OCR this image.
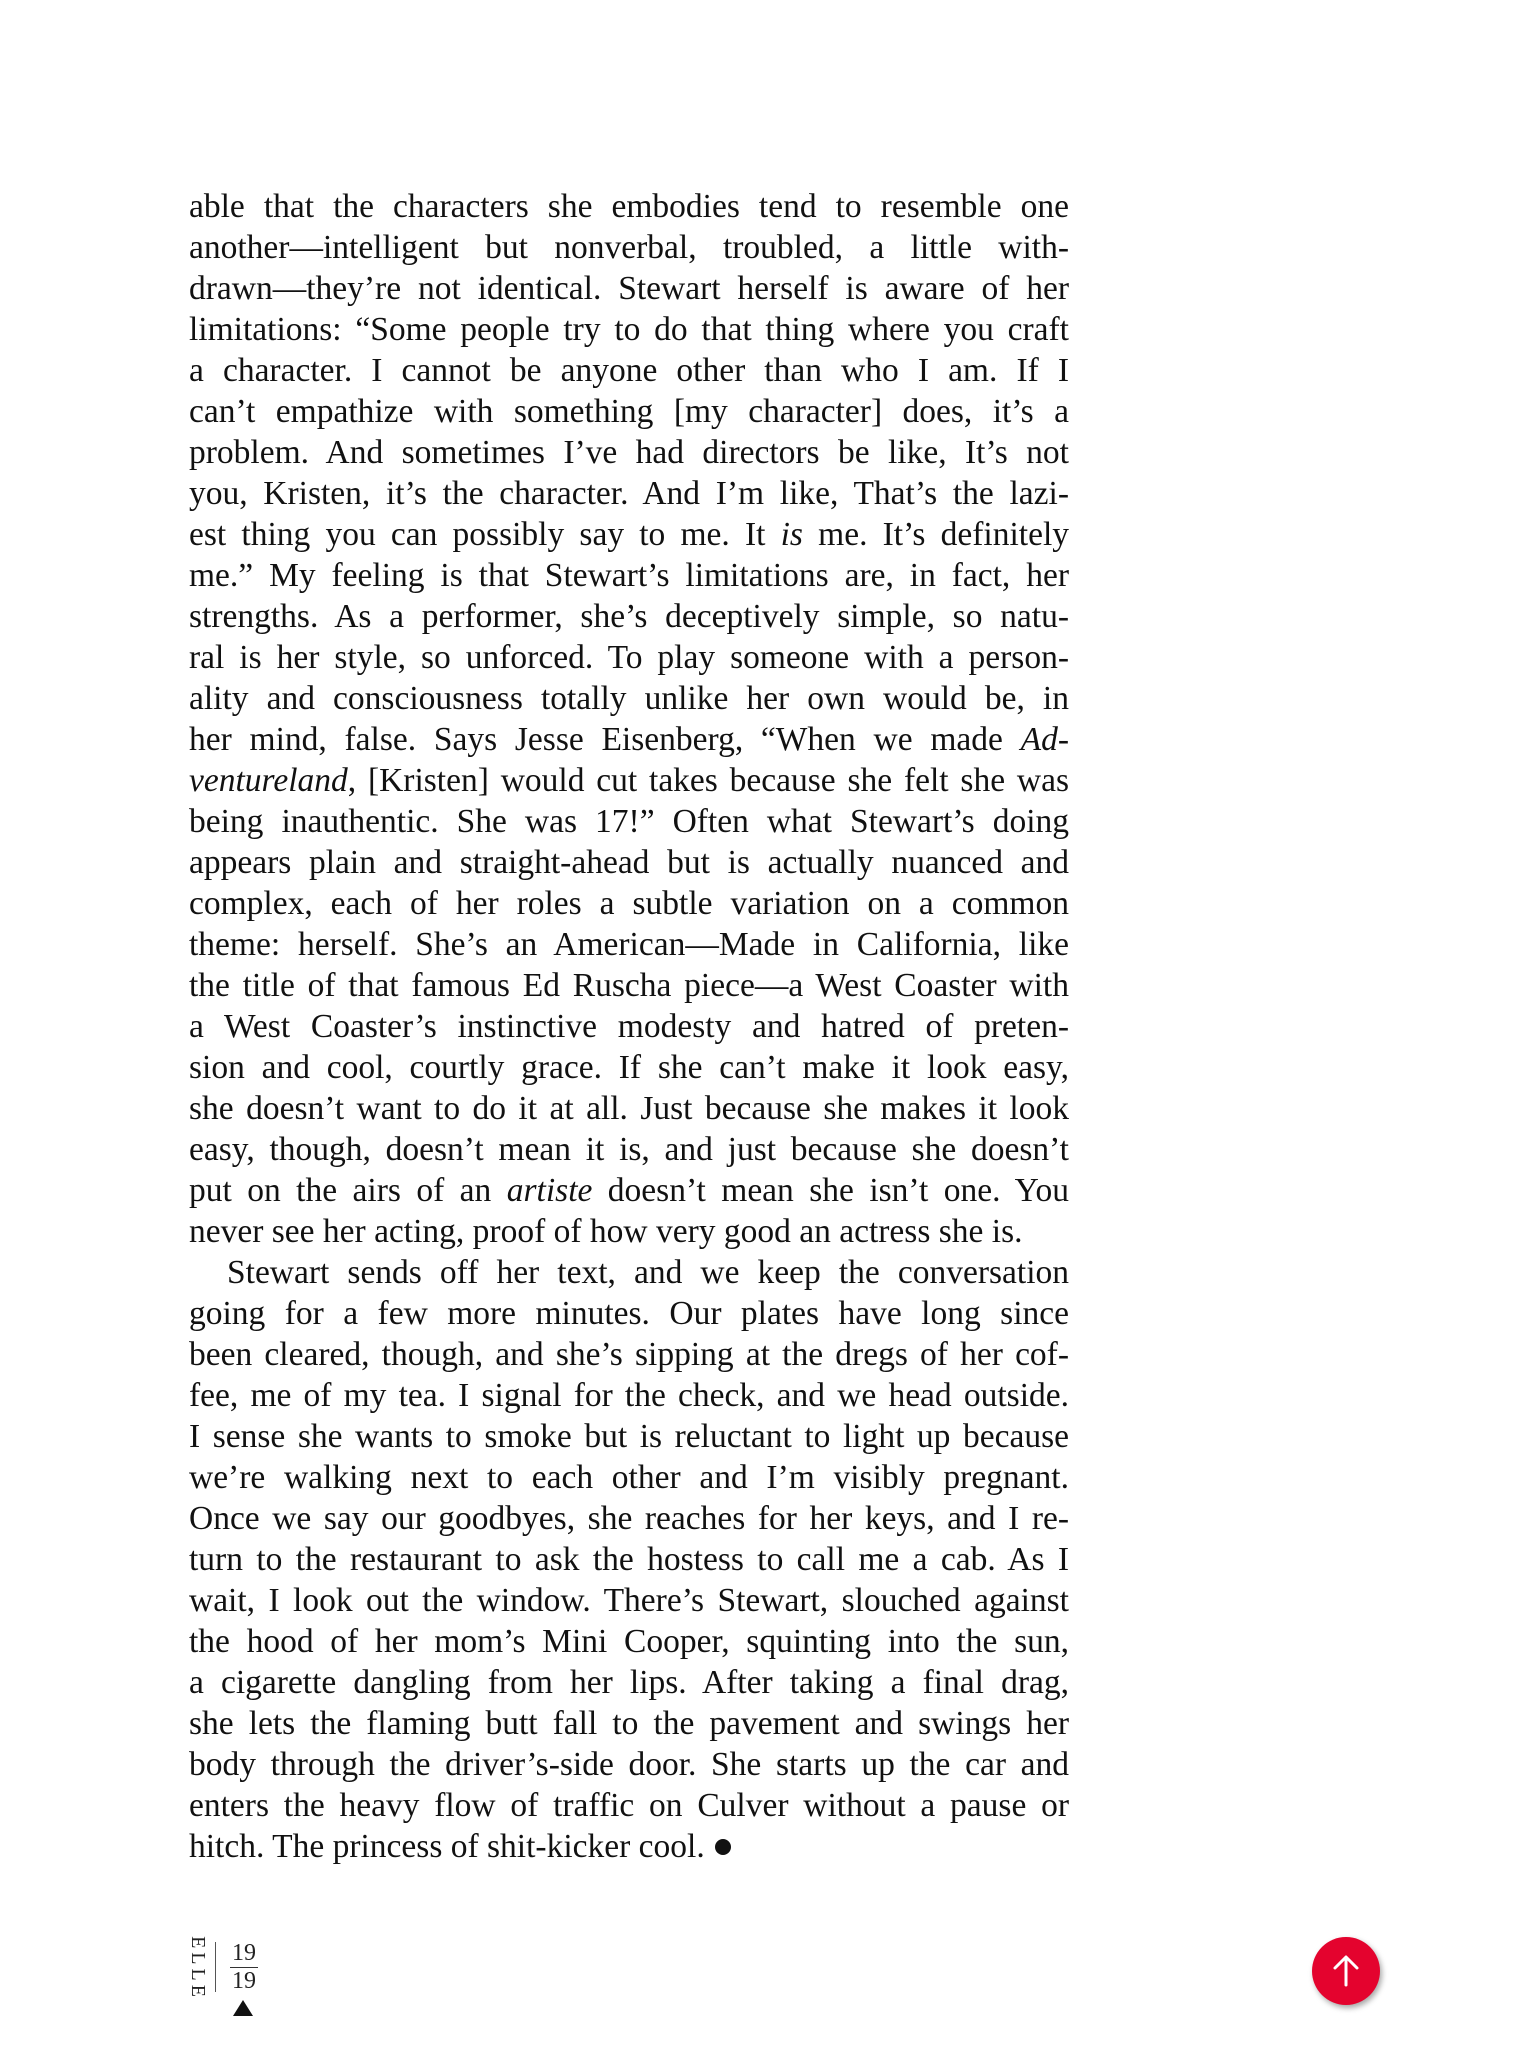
able that the characters she embodies tend to resemble one
another—intelligent but nonverbal, troubled, a little with-
drawn—they’re not identical. Stewart herself is aware of her
limitations: “Some people try to do that thing where you craft
a character. I cannot be anyone other than who I am. If I
can’t empathize with something [my character] does, it’s a
problem. And sometimes I’ve had directors be like, It’s not
you, Kristen, it’s the character. And I’m like, That’s the lazi-
est thing you can possibly say to me. It is me. It’s definitely
me.” My feeling is that Stewart’s limitations are, in fact, her
strengths. As a performer, she’s deceptively simple, so natu-
ral is her style, so unforced. To play someone with a person-
ality and consciousness totally unlike her own would be, in
her mind, false. Says Jesse Eisenberg, “When we made Ad-
ventureland, [Kristen] would cut takes because she felt she was
being inauthentic. She was 17!” Often what Stewart’s doing
appears plain and straight-ahead but is actually nuanced and
complex, each of her roles a subtle variation on a common
theme: herself. She’s an American—Made in California, like
the title of that famous Ed Ruscha piece—a West Coaster with
a West Coaster’s instinctive modesty and hatred of preten-
sion and cool, courtly grace. If she can’t make it look easy,
she doesn’t want to do it at all. Just because she makes it look
easy, though, doesn’t mean it is, and just because she doesn’t
put on the airs of an artiste doesn’t mean she isn’t one. You
never see her acting, proof of how very good an actress she is.

Stewart sends off her text, and we keep the conversation
going for a few more minutes. Our plates have long since
been cleared, though, and she’s sipping at the dregs of her cof-
fee, me of my tea. I signal for the check, and we head outside.
I sense she wants to smoke but is reluctant to light up because
we’re walking next to each other and I’m visibly pregnant.
Once we say our goodbyes, she reaches for her keys, and I re-
turn to the restaurant to ask the hostess to call me a cab. As I
wait, I look out the window. There’s Stewart, slouched against
the hood of her mom’s Mini Cooper, squinting into the sun,
a cigarette dangling from her lips. After taking a final drag,
she lets the flaming butt fall to the pavement and swings her
body through the driver’s-side door. She starts up the car and
enters the heavy flow of traffic on Culver without a pause or
hitch. The princess of shit-kicker cool.

ELLE 19
19
